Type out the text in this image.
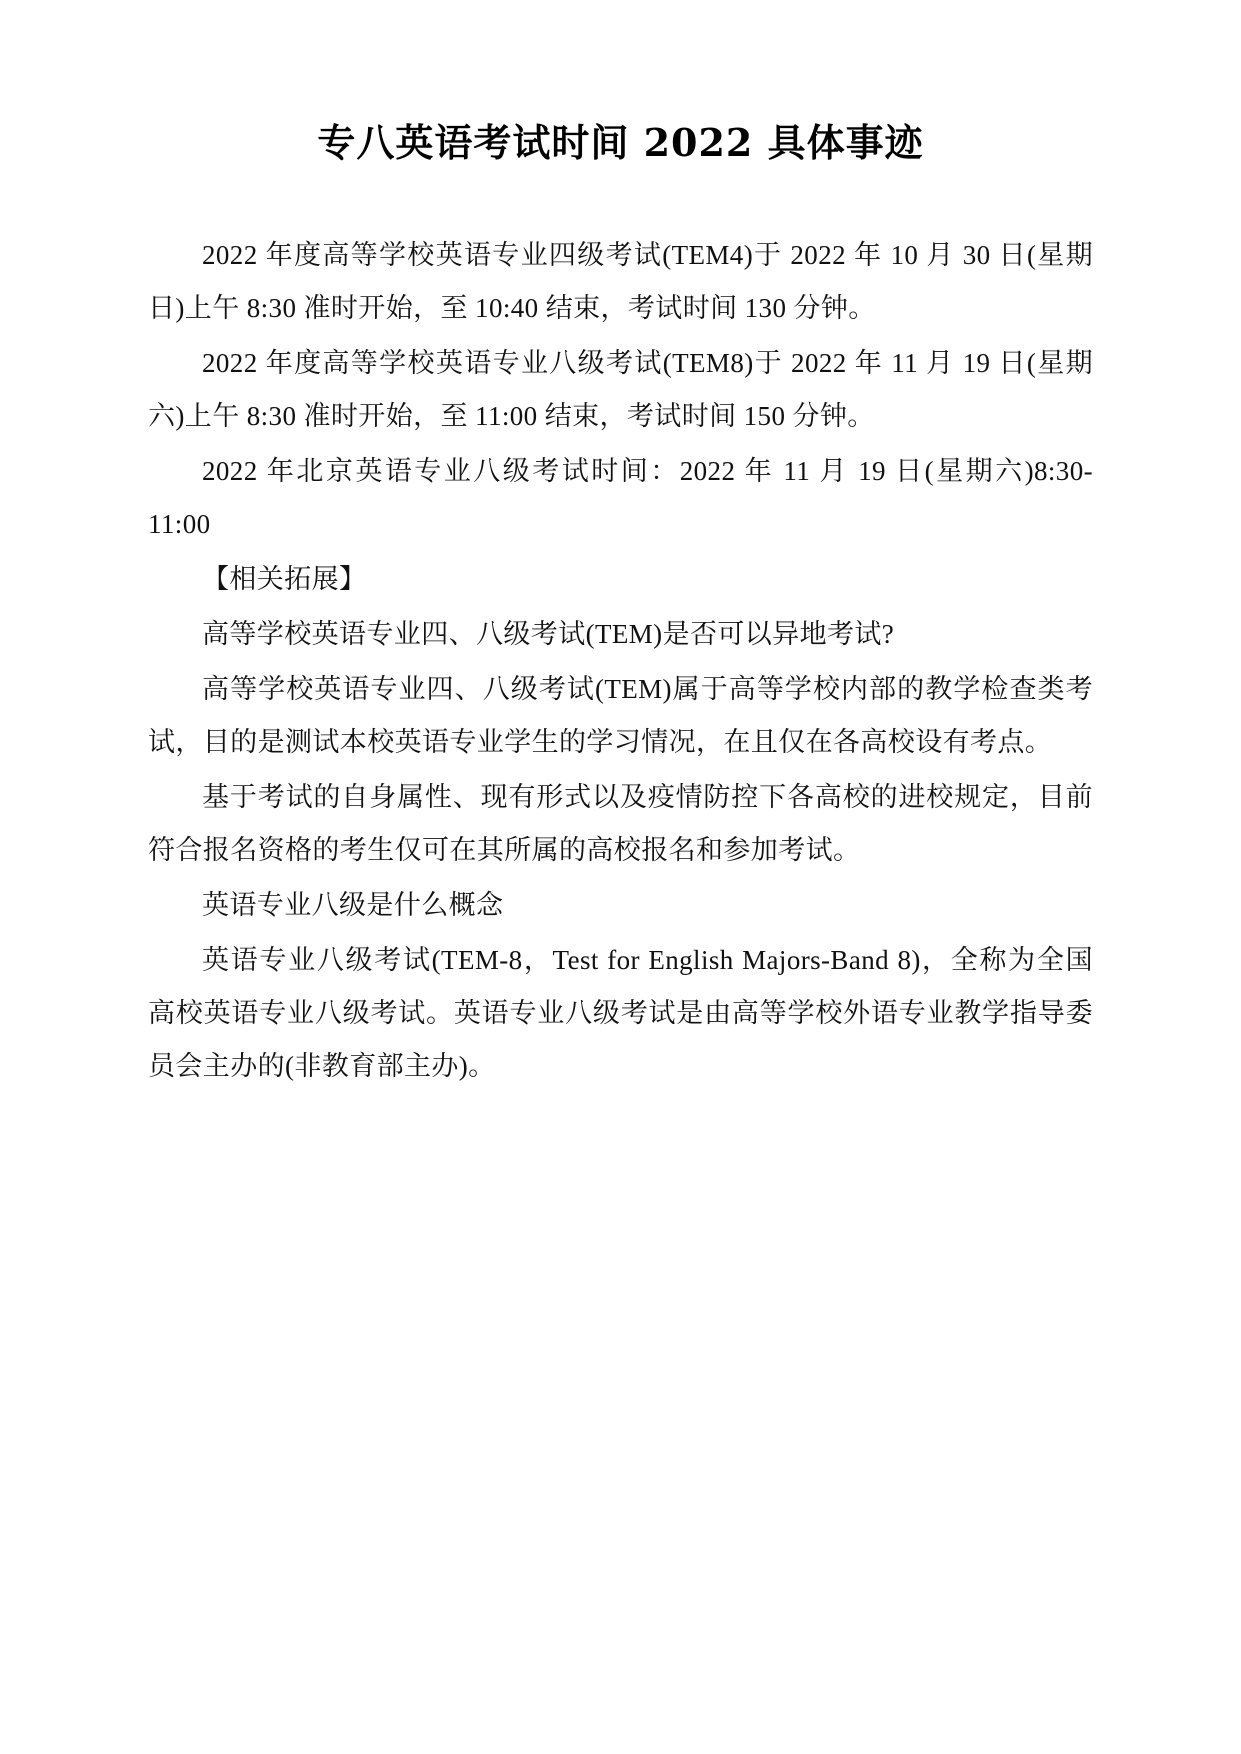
专八英语考试时间 2022 具体事迹

2022 年度高等学校英语专业四级考试(TEM4)于 2022 年 10 月 30 日(星期日)上午 8:30 准时开始，至 10:40 结束，考试时间 130 分钟。

2022 年度高等学校英语专业八级考试(TEM8)于 2022 年 11 月 19 日(星期六)上午 8:30 准时开始，至 11:00 结束，考试时间 150 分钟。

2022 年北京英语专业八级考试时间：2022 年 11 月 19 日(星期六)8:30-11:00

【相关拓展】

高等学校英语专业四、八级考试(TEM)是否可以异地考试?

高等学校英语专业四、八级考试(TEM)属于高等学校内部的教学检查类考试，目的是测试本校英语专业学生的学习情况，在且仅在各高校设有考点。

基于考试的自身属性、现有形式以及疫情防控下各高校的进校规定，目前符合报名资格的考生仅可在其所属的高校报名和参加考试。

英语专业八级是什么概念

英语专业八级考试(TEM-8，Test for English Majors-Band 8)，全称为全国高校英语专业八级考试。英语专业八级考试是由高等学校外语专业教学指导委员会主办的(非教育部主办)。
